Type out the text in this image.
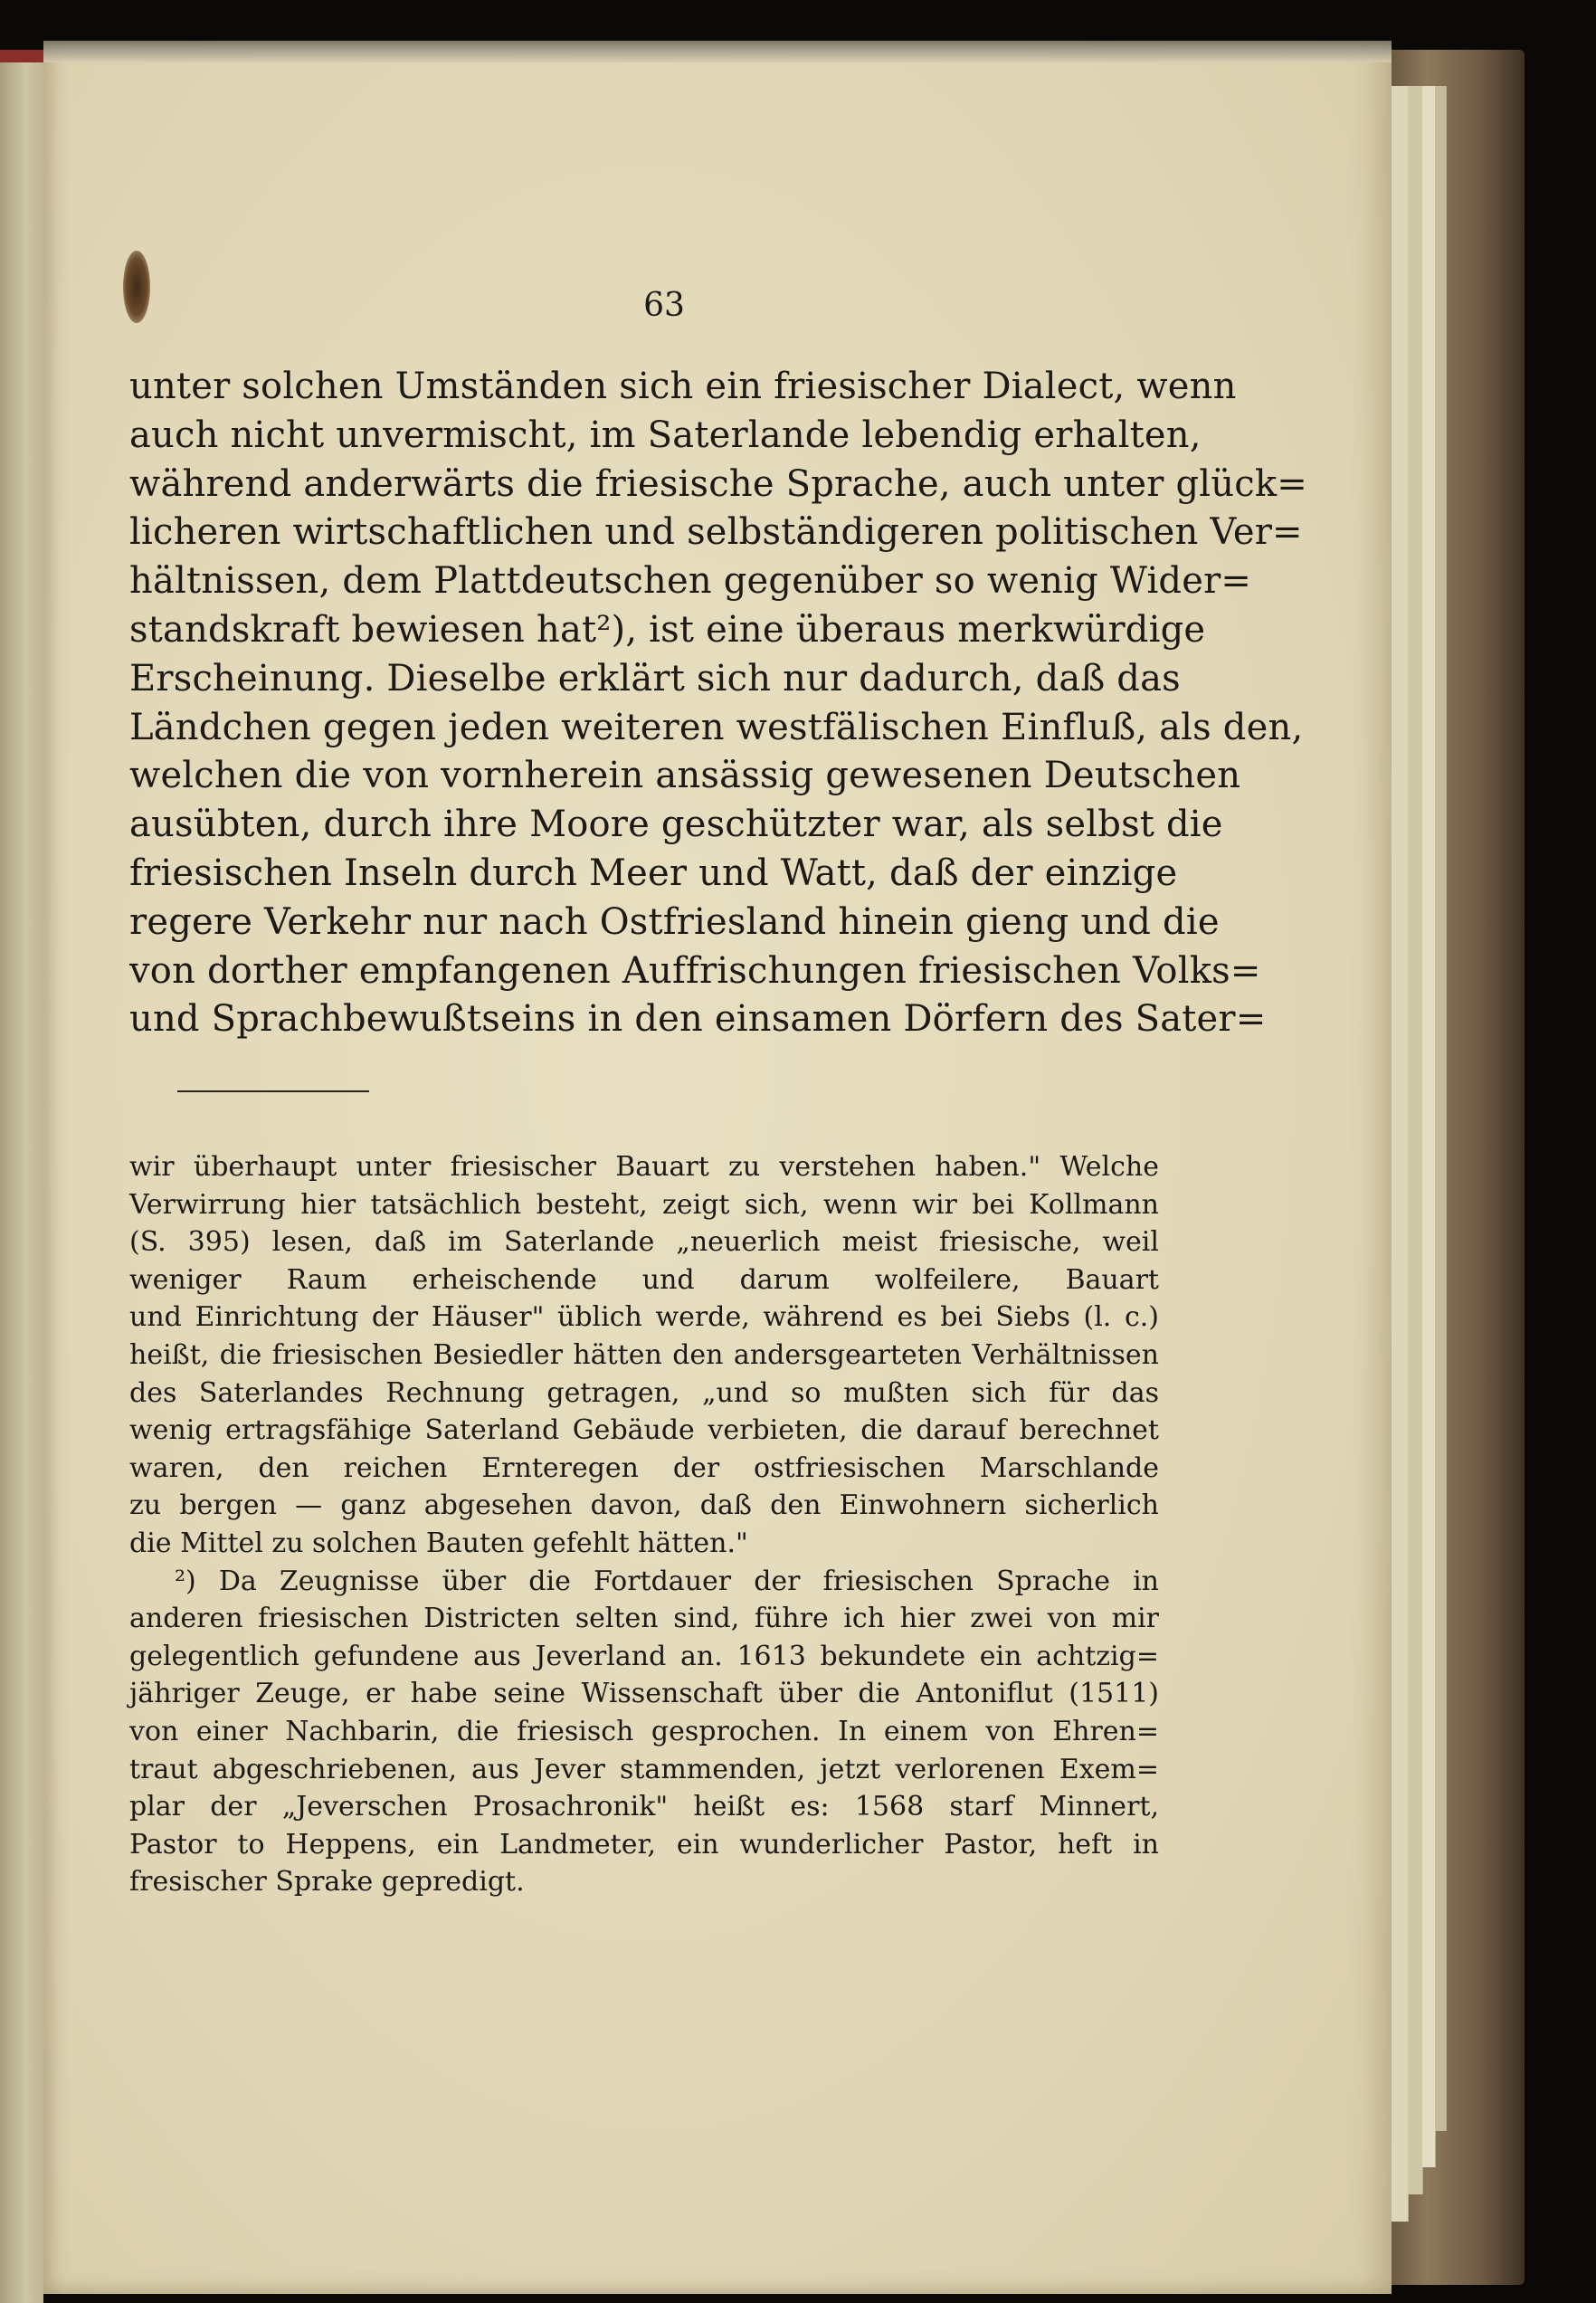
63

unter solchen Umständen sich ein friesischer Dialect, wenn

auch nicht unvermischt, im Saterlande lebendig erhalten,

während anderwärts die friesische Sprache, auch unter glück=

licheren wirtschaftlichen und selbständigeren politischen Ver=

hältnissen, dem Plattdeutschen gegenüber so wenig Wider=

standskraft bewiesen hat²), ist eine überaus merkwürdige

Erscheinung. Dieselbe erklärt sich nur dadurch, daß das

Ländchen gegen jeden weiteren westfälischen Einfluß, als den,

welchen die von vornherein ansässig gewesenen Deutschen

ausübten, durch ihre Moore geschützter war, als selbst die

friesischen Inseln durch Meer und Watt, daß der einzige

regere Verkehr nur nach Ostfriesland hinein gieng und die

von dorther empfangenen Auffrischungen friesischen Volks=

und Sprachbewußtseins in den einsamen Dörfern des Sater=

wir überhaupt unter friesischer Bauart zu verstehen haben." Welche

Verwirrung hier tatsächlich besteht, zeigt sich, wenn wir bei Kollmann

(S. 395) lesen, daß im Saterlande „neuerlich meist friesische, weil

weniger Raum erheischende und darum wolfeilere, Bauart

und Einrichtung der Häuser" üblich werde, während es bei Siebs (l. c.)

heißt, die friesischen Besiedler hätten den andersgearteten Verhältnissen

des Saterlandes Rechnung getragen, „und so mußten sich für das

wenig ertragsfähige Saterland Gebäude verbieten, die darauf berechnet

waren, den reichen Ernteregen der ostfriesischen Marschlande

zu bergen — ganz abgesehen davon, daß den Einwohnern sicherlich

die Mittel zu solchen Bauten gefehlt hätten."

²) Da Zeugnisse über die Fortdauer der friesischen Sprache in

anderen friesischen Districten selten sind, führe ich hier zwei von mir

gelegentlich gefundene aus Jeverland an. 1613 bekundete ein achtzig=

jähriger Zeuge, er habe seine Wissenschaft über die Antoniflut (1511)

von einer Nachbarin, die friesisch gesprochen. In einem von Ehren=

traut abgeschriebenen, aus Jever stammenden, jetzt verlorenen Exem=

plar der „Jeverschen Prosachronik" heißt es: 1568 starf Minnert,

Pastor to Heppens, ein Landmeter, ein wunderlicher Pastor, heft in

fresischer Sprake gepredigt.
